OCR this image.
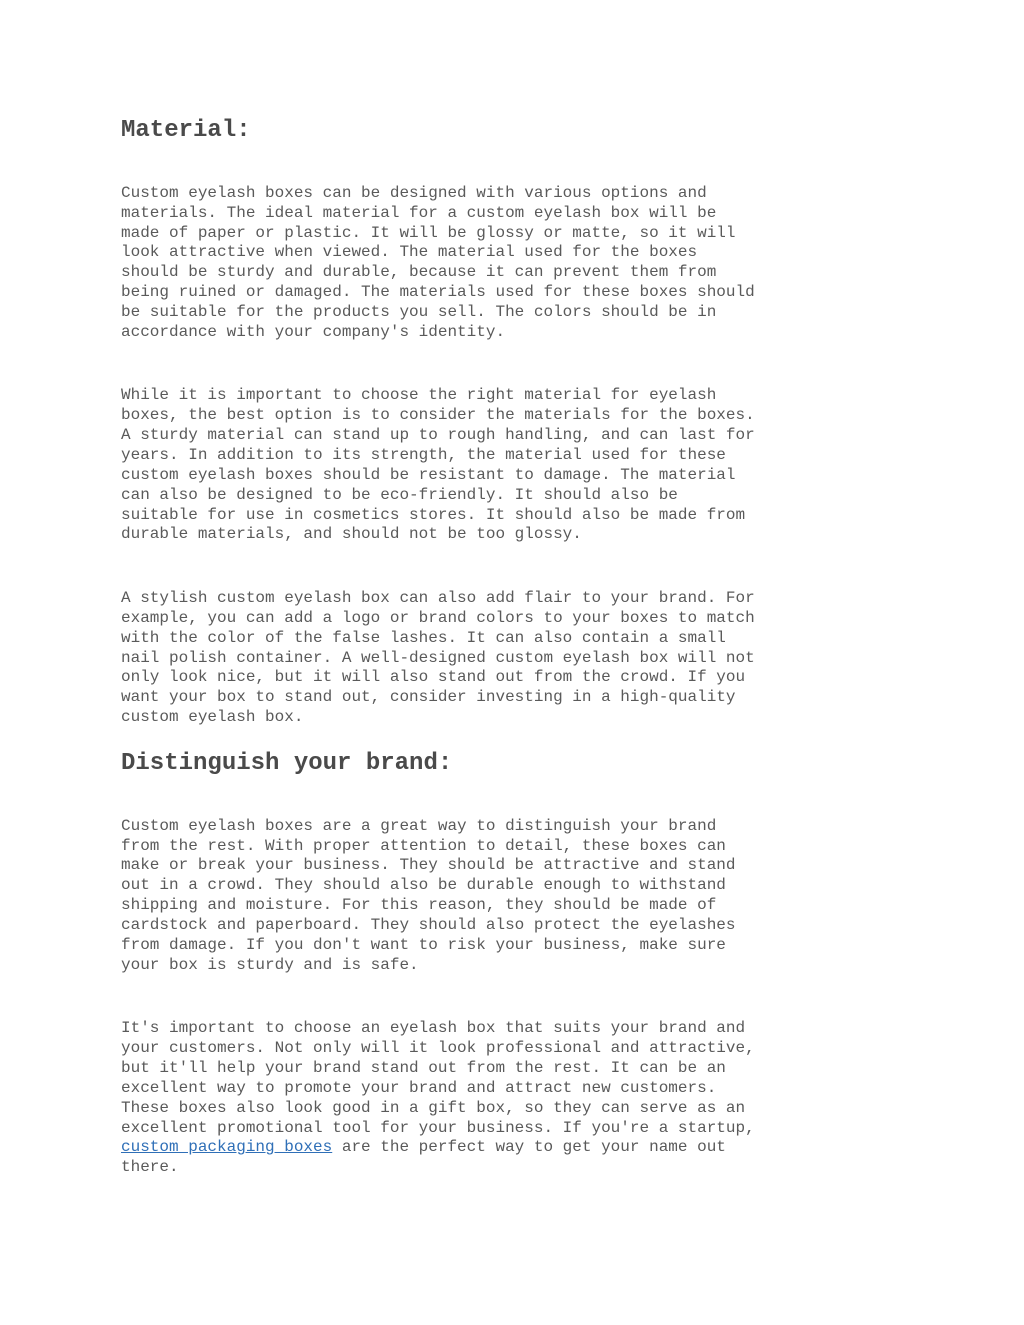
Material:

Custom eyelash boxes can be designed with various options and
materials. The ideal material for a custom eyelash box will be
made of paper or plastic. It will be glossy or matte, so it will
look attractive when viewed. The material used for the boxes
should be sturdy and durable, because it can prevent them from
being ruined or damaged. The materials used for these boxes should
be suitable for the products you sell. The colors should be in
accordance with your company's identity.

While it is important to choose the right material for eyelash
boxes, the best option is to consider the materials for the boxes.
A sturdy material can stand up to rough handling, and can last for
years. In addition to its strength, the material used for these
custom eyelash boxes should be resistant to damage. The material
can also be designed to be eco-friendly. It should also be
suitable for use in cosmetics stores. It should also be made from
durable materials, and should not be too glossy.

A stylish custom eyelash box can also add flair to your brand. For
example, you can add a logo or brand colors to your boxes to match
with the color of the false lashes. It can also contain a small
nail polish container. A well-designed custom eyelash box will not
only look nice, but it will also stand out from the crowd. If you
want your box to stand out, consider investing in a high-quality
custom eyelash box.

Distinguish your brand:

Custom eyelash boxes are a great way to distinguish your brand
from the rest. With proper attention to detail, these boxes can
make or break your business. They should be attractive and stand
out in a crowd. They should also be durable enough to withstand
shipping and moisture. For this reason, they should be made of
cardstock and paperboard. They should also protect the eyelashes
from damage. If you don't want to risk your business, make sure
your box is sturdy and is safe.

It's important to choose an eyelash box that suits your brand and
your customers. Not only will it look professional and attractive,
but it'll help your brand stand out from the rest. It can be an
excellent way to promote your brand and attract new customers.
These boxes also look good in a gift box, so they can serve as an
excellent promotional tool for your business. If you're a startup,
custom packaging boxes are the perfect way to get your name out
there.
